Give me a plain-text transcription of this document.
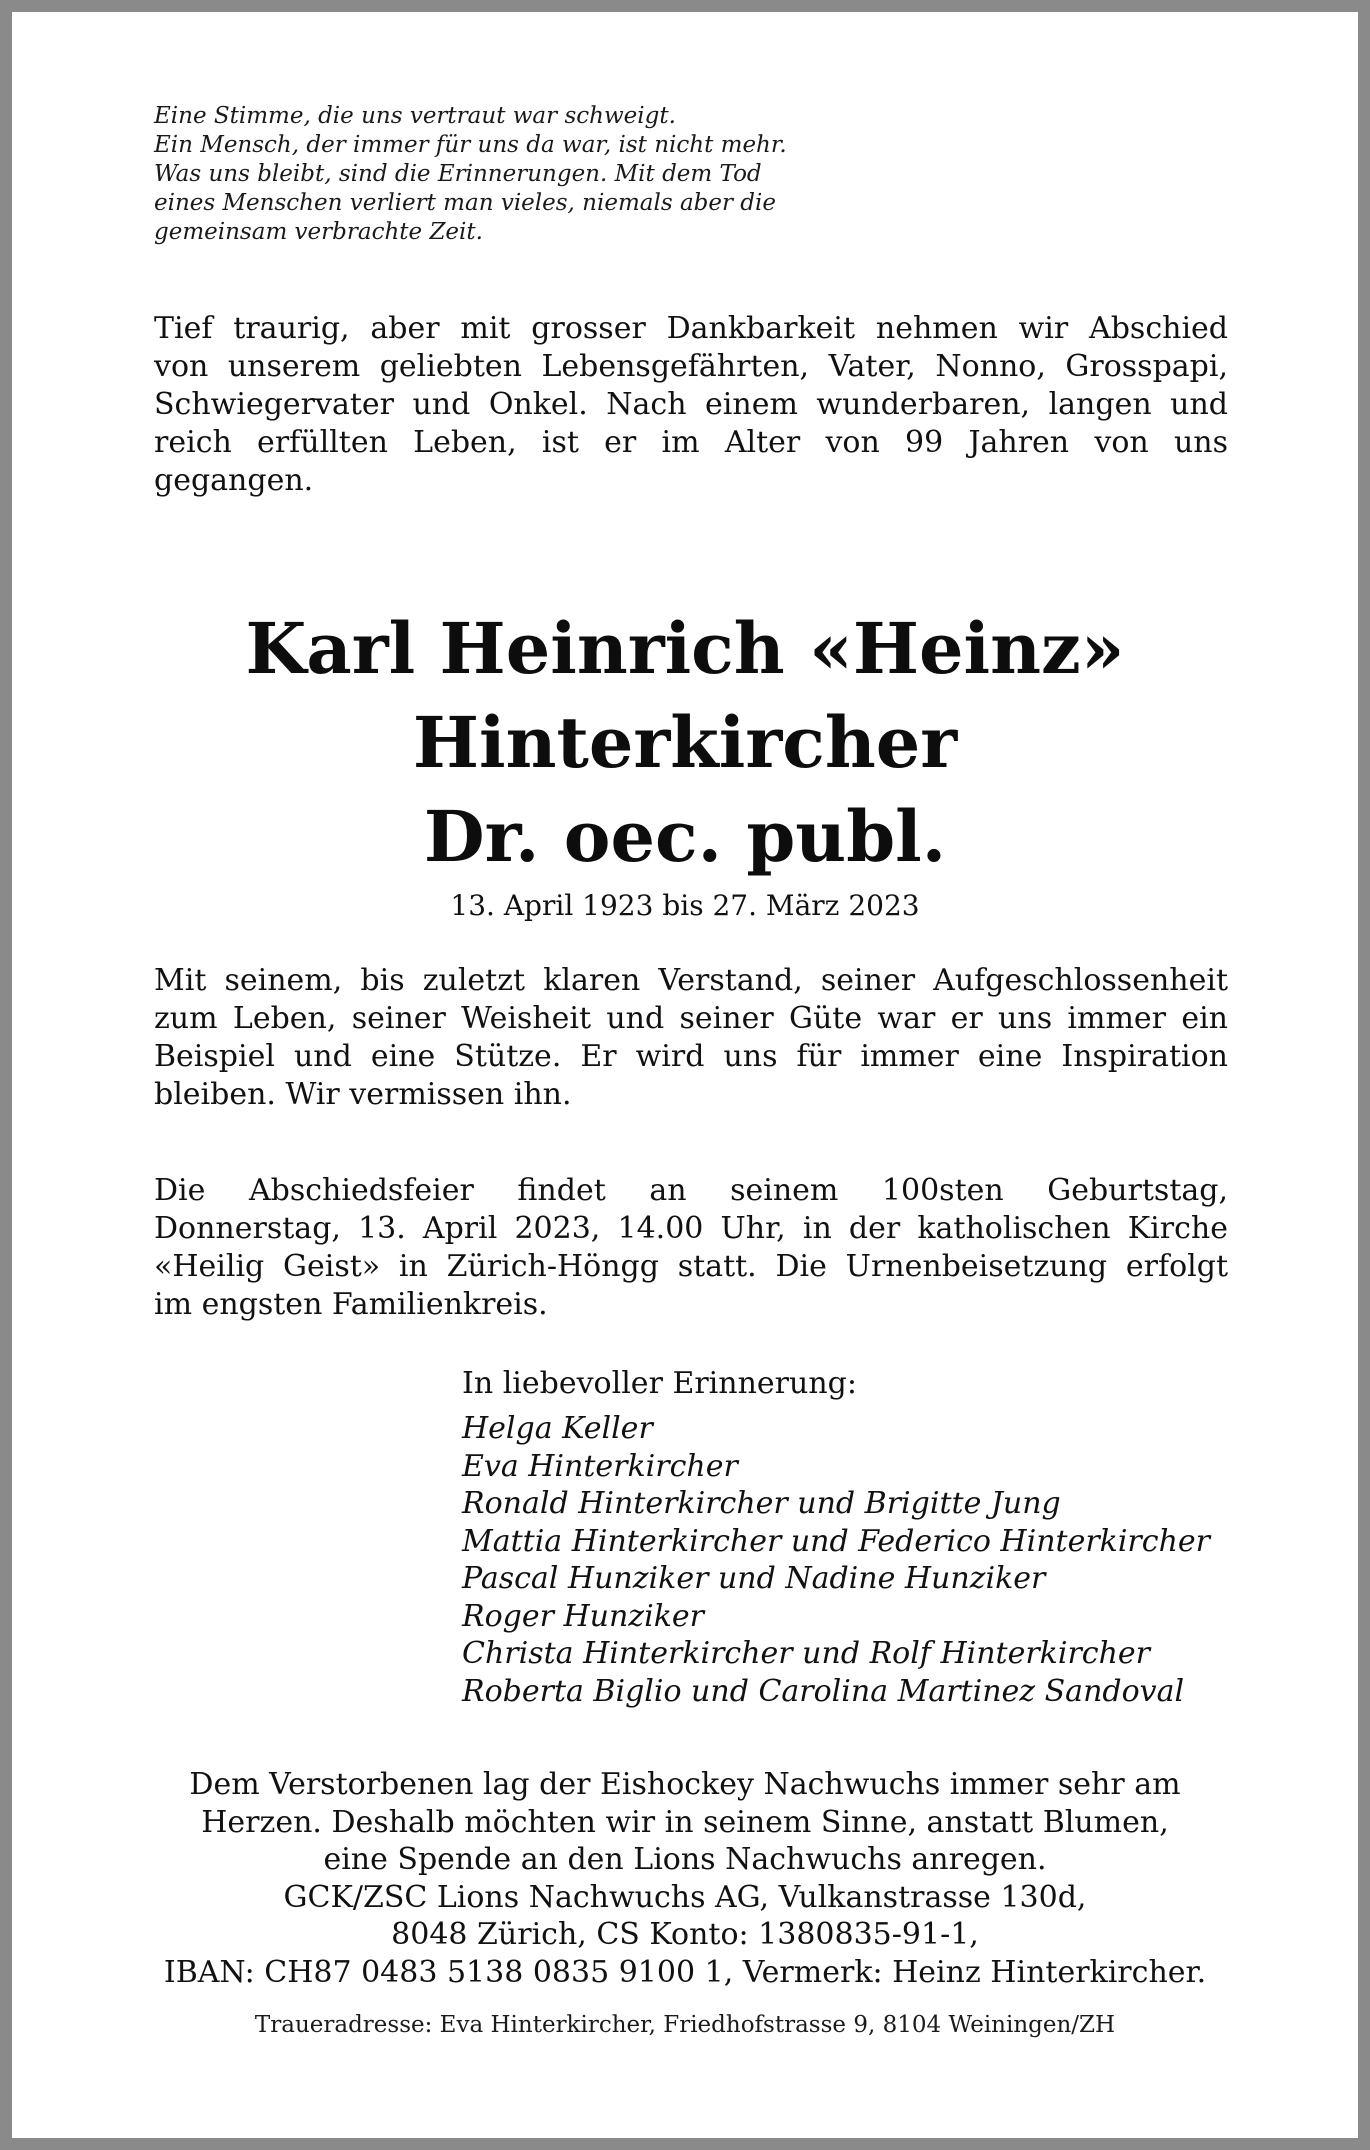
Eine Stimme, die uns vertraut war schweigt.
Ein Mensch, der immer für uns da war, ist nicht mehr.
Was uns bleibt, sind die Erinnerungen. Mit dem Tod
eines Menschen verliert man vieles, niemals aber die
gemeinsam verbrachte Zeit.
Tief traurig, aber mit grosser Dankbarkeit nehmen wir Abschied
von unserem geliebten Lebensgefährten, Vater, Nonno, Grosspapi,
Schwiegervater und Onkel. Nach einem wunderbaren, langen und
reich erfüllten Leben, ist er im Alter von 99 Jahren von uns
gegangen.
Karl Heinrich «Heinz»
Hinterkircher
Dr. oec. publ.
13. April 1923 bis 27. März 2023
Mit seinem, bis zuletzt klaren Verstand, seiner Aufgeschlossenheit
zum Leben, seiner Weisheit und seiner Güte war er uns immer ein
Beispiel und eine Stütze. Er wird uns für immer eine Inspiration
bleiben. Wir vermissen ihn.
Die Abschiedsfeier findet an seinem 100sten Geburtstag,
Donnerstag, 13. April 2023, 14.00 Uhr, in der katholischen Kirche
«Heilig Geist» in Zürich-Höngg statt. Die Urnenbeisetzung erfolgt
im engsten Familienkreis.
In liebevoller Erinnerung:
Helga Keller
Eva Hinterkircher
Ronald Hinterkircher und Brigitte Jung
Mattia Hinterkircher und Federico Hinterkircher
Pascal Hunziker und Nadine Hunziker
Roger Hunziker
Christa Hinterkircher und Rolf Hinterkircher
Roberta Biglio und Carolina Martinez Sandoval
Dem Verstorbenen lag der Eishockey Nachwuchs immer sehr am
Herzen. Deshalb möchten wir in seinem Sinne, anstatt Blumen,
eine Spende an den Lions Nachwuchs anregen.
GCK/ZSC Lions Nachwuchs AG, Vulkanstrasse 130d,
8048 Zürich, CS Konto: 1380835-91-1,
IBAN: CH87 0483 5138 0835 9100 1, Vermerk: Heinz Hinterkircher.
Traueradresse: Eva Hinterkircher, Friedhofstrasse 9, 8104 Weiningen/ZH
